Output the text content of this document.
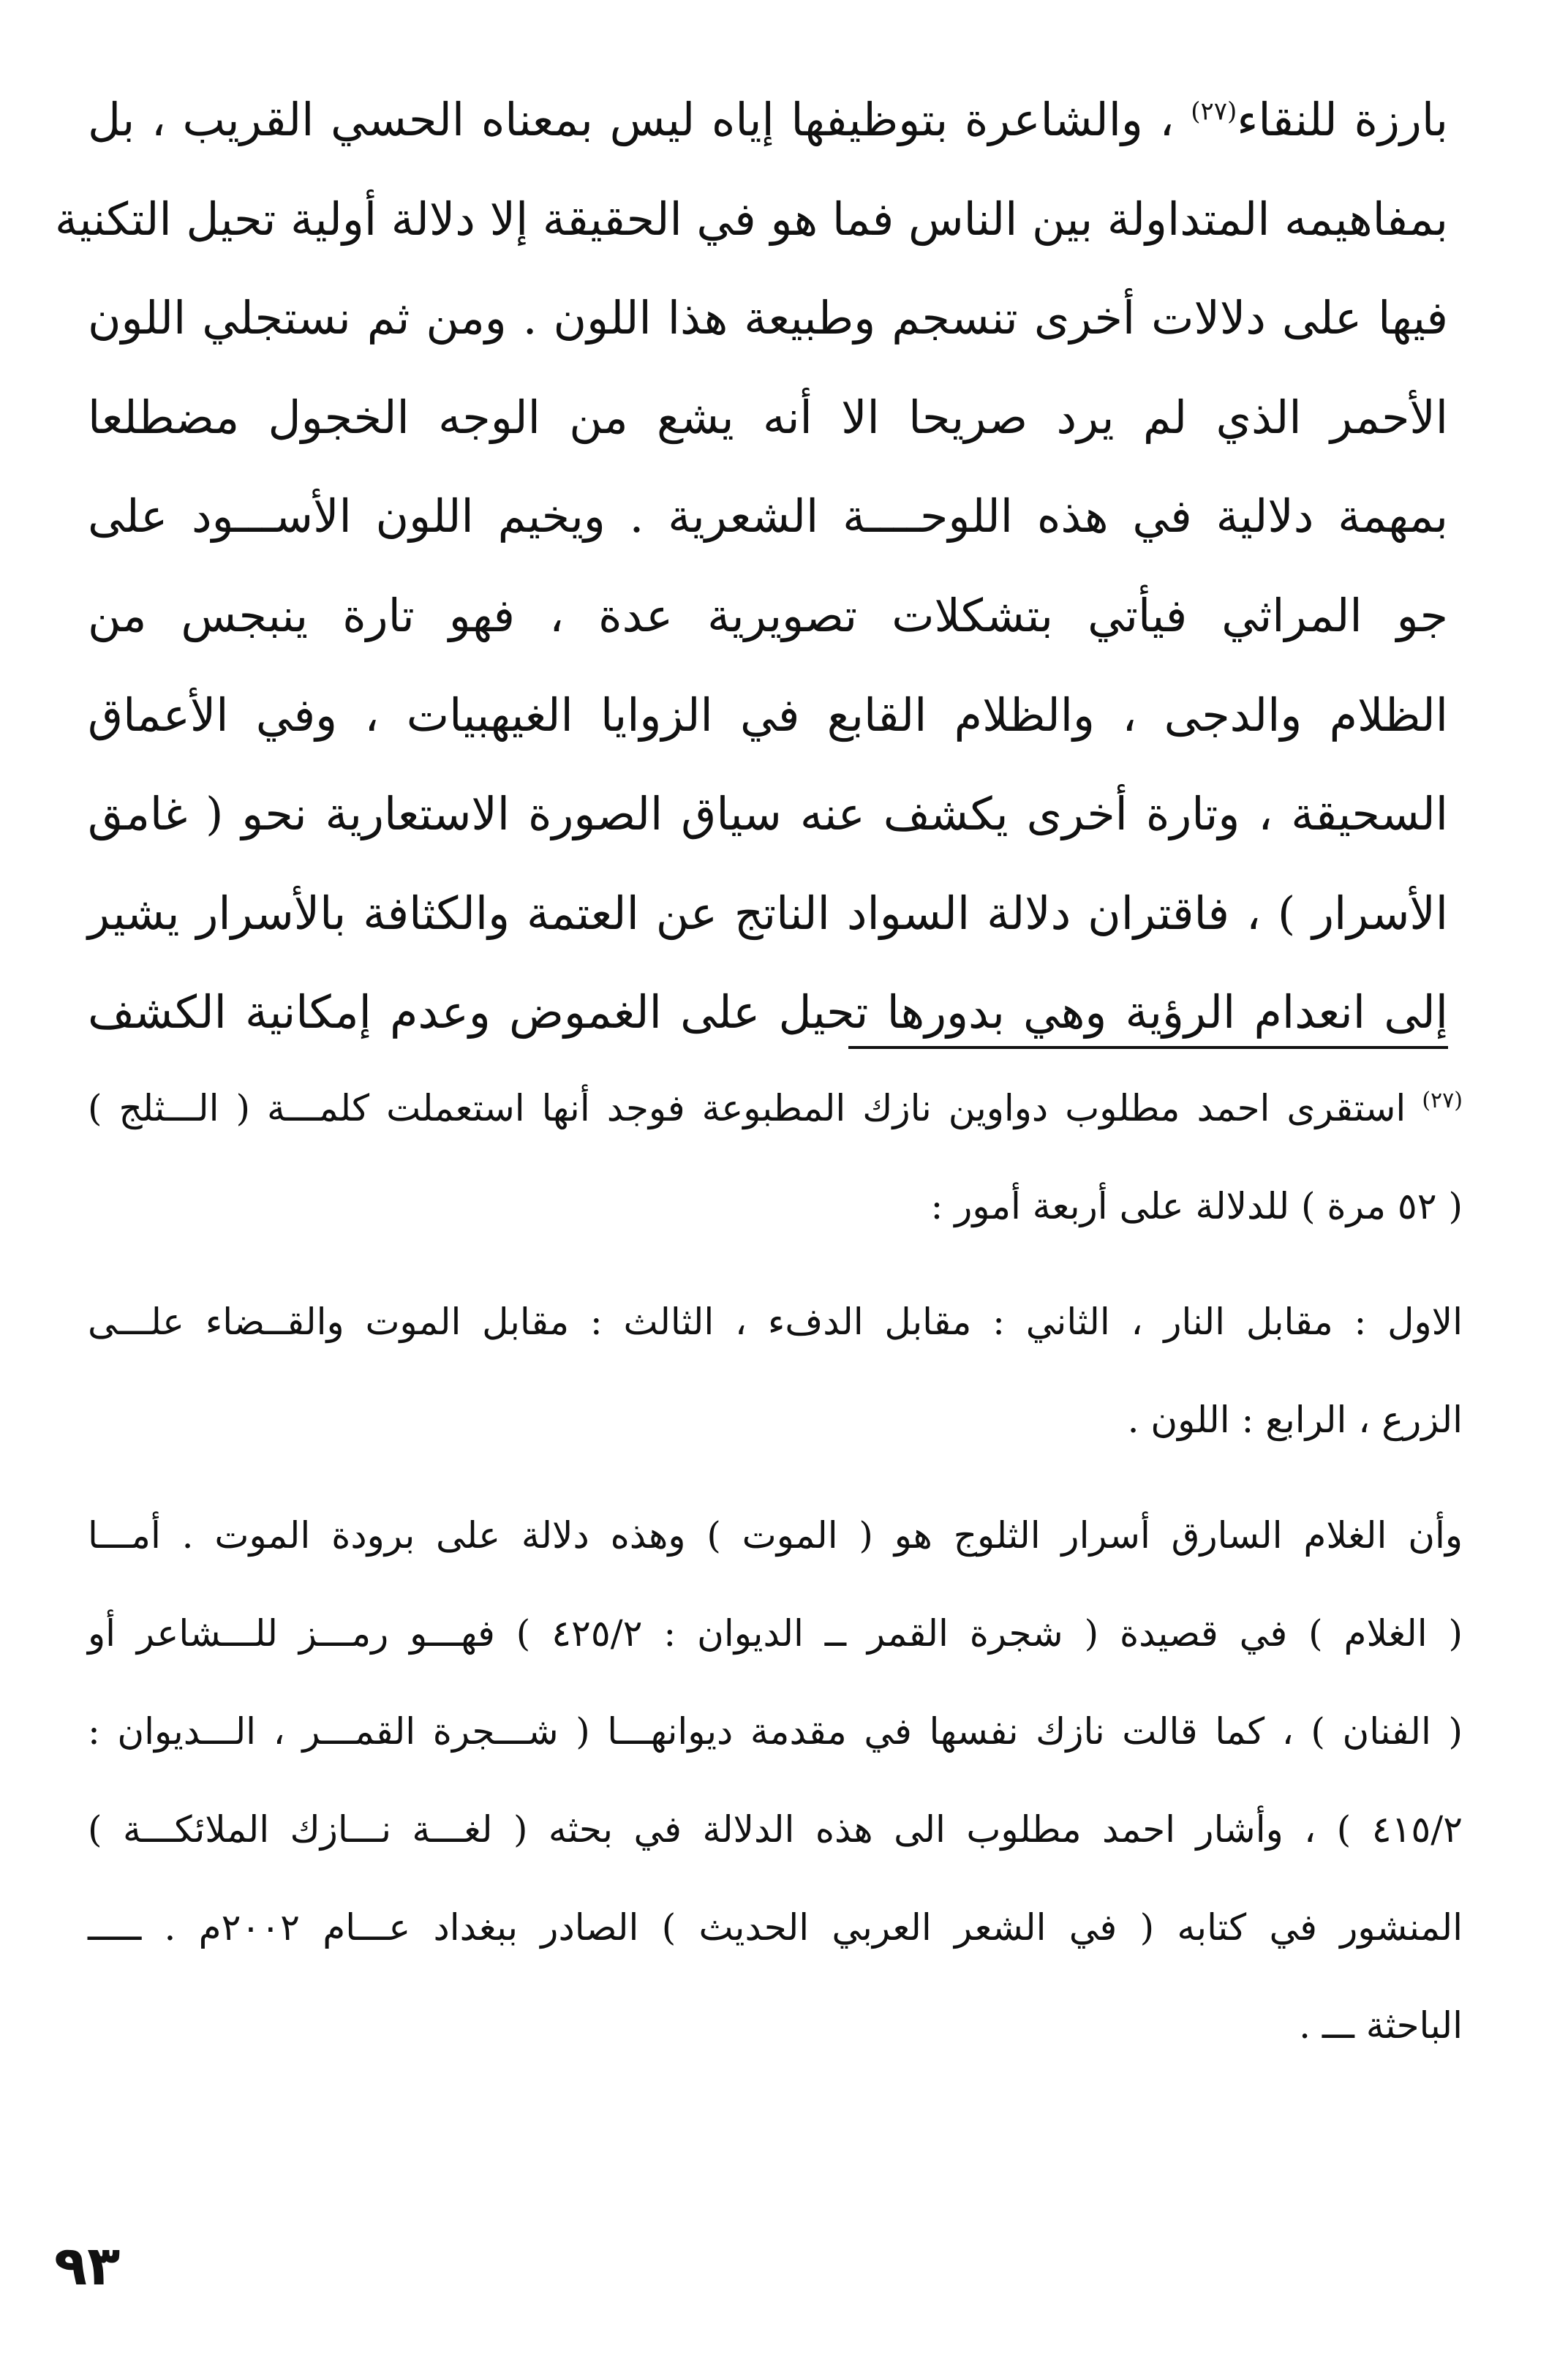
بارزة للنقاء$^{(٢٧)}$ ، والشاعرة بتوظيفها إياه ليس بمعناه الحسي القريب ، بل
بمفاهيمه المتداولة بين الناس فما هو في الحقيقة إلا دلالة أولية تحيل التكنية
فيها على دلالات أخرى تنسجم وطبيعة هذا اللون . ومن ثم نستجلي اللون
الأحمر الذي لم يرد صريحا الا أنه يشع من الوجه الخجول مضطلعا
بمهمة دلالية في هذه اللوحــــة الشعرية . ويخيم اللون الأســـود على
جو المراثي فيأتي بتشكلات تصويرية عدة ، فهو تارة ينبجس من
الظلام والدجى ، والظلام القابع في الزوايا الغيهبيات ، وفي الأعماق
السحيقة ، وتارة أخرى يكشف عنه سياق الصورة الاستعارية نحو ( غامق
الأسرار ) ، فاقتران دلالة السواد الناتج عن العتمة والكثافة بالأسرار يشير
إلى انعدام الرؤية وهي بدورها تحيل على الغموض وعدم إمكانية الكشف
$^{(٢٧)}$استقرى احمد مطلوب دواوين نازك المطبوعة فوجد أنها استعملت كلمـــة ( الـــثلج )
( ٥٢ مرة ) للدلالة على أربعة أمور :
الاول : مقابل النار ، الثاني : مقابل الدفء ، الثالث : مقابل الموت والقــضاء علـــى
الزرع ، الرابع : اللون .
وأن الغلام السارق أسرار الثلوج هو ( الموت ) وهذه دلالة على برودة الموت . أمـــا
( الغلام ) في قصيدة ( شجرة القمر ــ الديوان : ٤٢٥/٢ ) فهـــو رمـــز للـــشاعر أو
( الفنان ) ، كما قالت نازك نفسها في مقدمة ديوانهـــا ( شـــجرة القمـــر ، الـــديوان :
٤١٥/٢ ) ، وأشار احمد مطلوب الى هذه الدلالة في بحثه ( لغـــة نـــازك الملائكـــة )
المنشور في كتابه ( في الشعر العربي الحديث ) الصادر ببغداد عـــام ٢٠٠٢م . ـــــ
الباحثة ـــ .
٩٣
